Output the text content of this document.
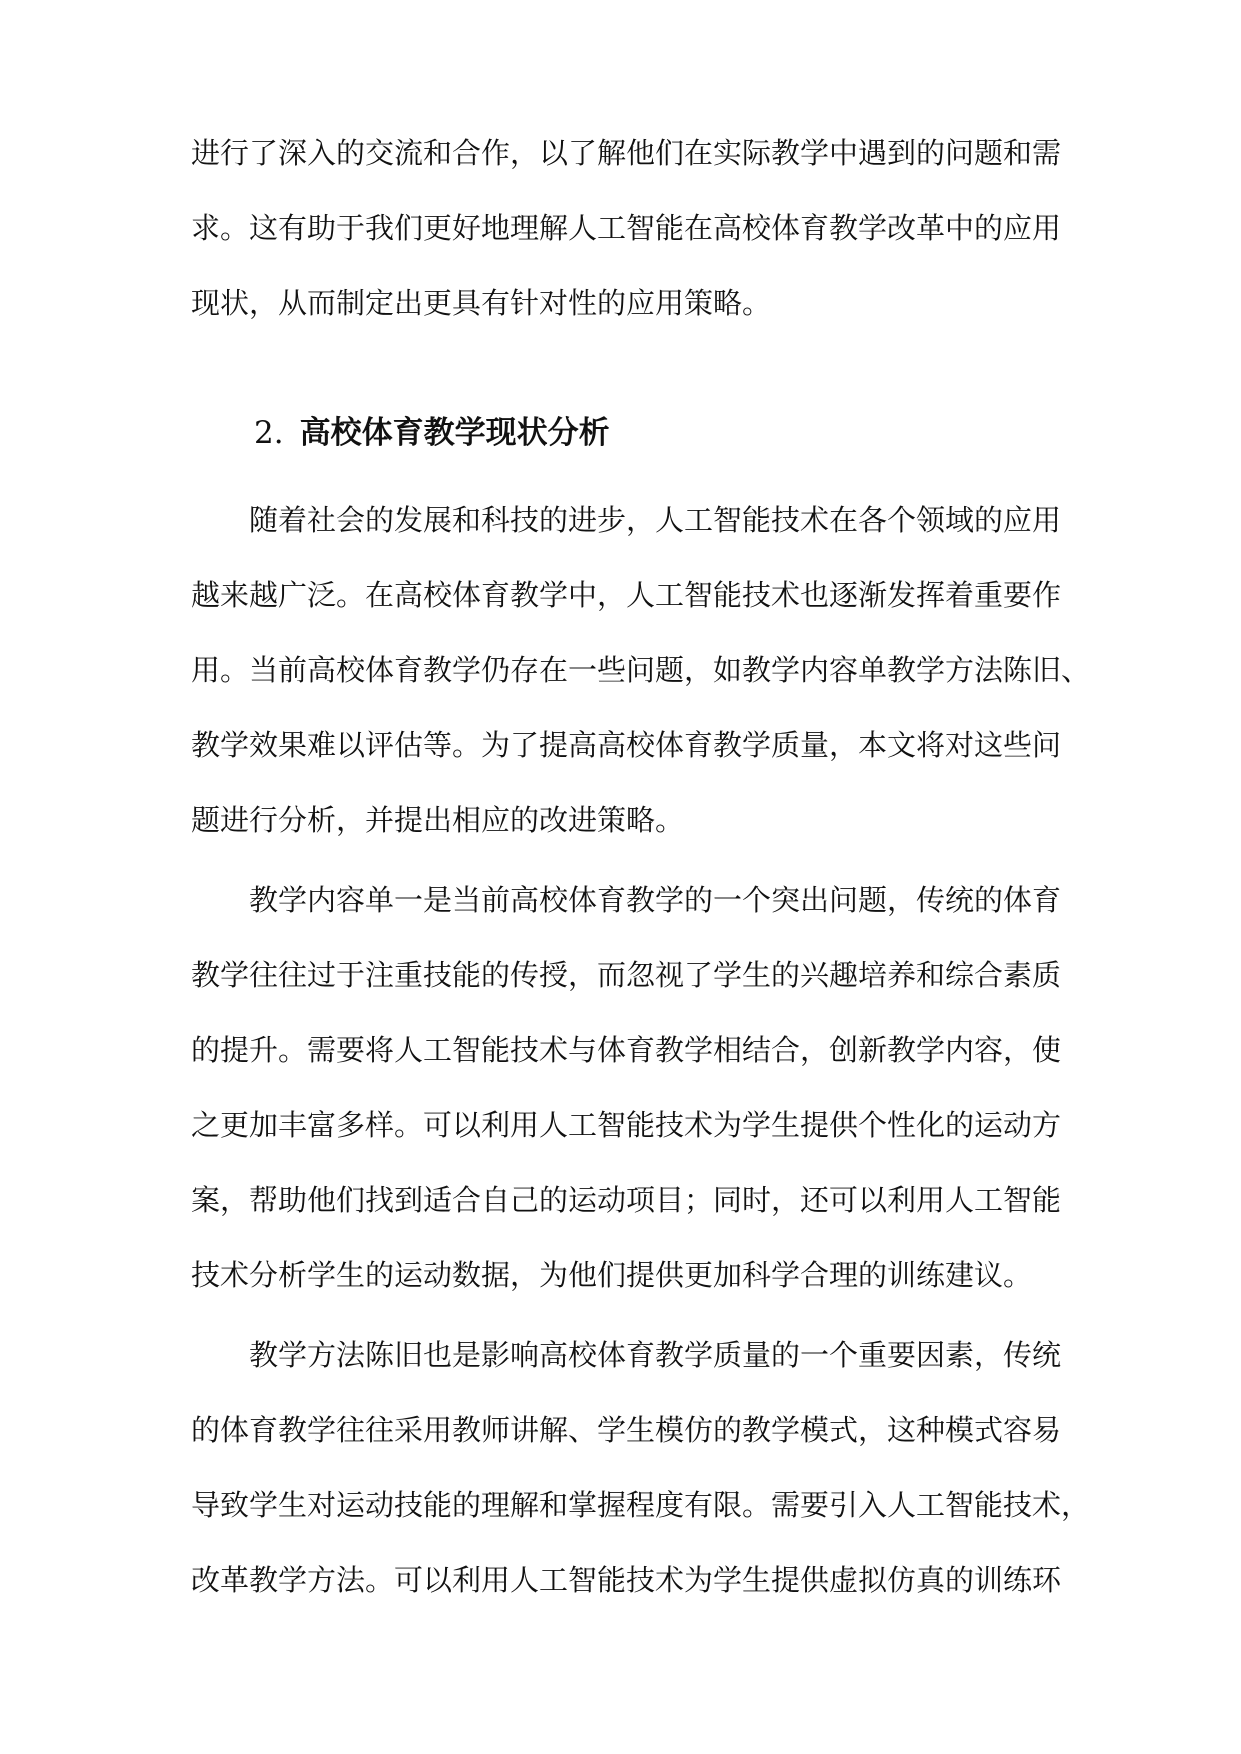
进行了深入的交流和合作，以了解他们在实际教学中遇到的问题和需
求。这有助于我们更好地理解人工智能在高校体育教学改革中的应用
现状，从而制定出更具有针对性的应用策略。
2. 高校体育教学现状分析
随着社会的发展和科技的进步，人工智能技术在各个领域的应用
越来越广泛。在高校体育教学中，人工智能技术也逐渐发挥着重要作
用。当前高校体育教学仍存在一些问题，如教学内容单教学方法陈旧、
教学效果难以评估等。为了提高高校体育教学质量，本文将对这些问
题进行分析，并提出相应的改进策略。
教学内容单一是当前高校体育教学的一个突出问题，传统的体育
教学往往过于注重技能的传授，而忽视了学生的兴趣培养和综合素质
的提升。需要将人工智能技术与体育教学相结合，创新教学内容，使
之更加丰富多样。可以利用人工智能技术为学生提供个性化的运动方
案，帮助他们找到适合自己的运动项目；同时，还可以利用人工智能
技术分析学生的运动数据，为他们提供更加科学合理的训练建议。
教学方法陈旧也是影响高校体育教学质量的一个重要因素，传统
的体育教学往往采用教师讲解、学生模仿的教学模式，这种模式容易
导致学生对运动技能的理解和掌握程度有限。需要引入人工智能技术，
改革教学方法。可以利用人工智能技术为学生提供虚拟仿真的训练环
